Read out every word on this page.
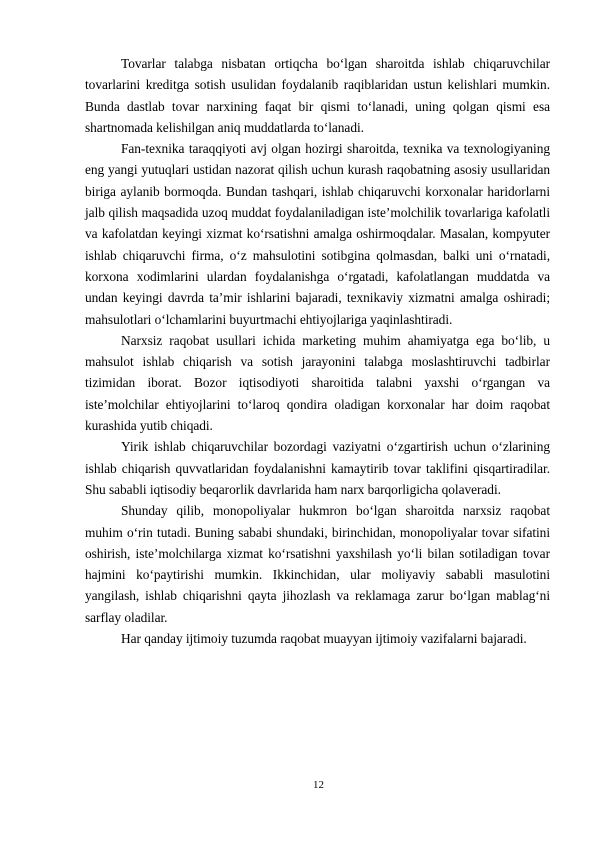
Tovarlar talabga nisbatan ortiqcha bo‘lgan sharoitda ishlab chiqaruvchilar tovarlarini kreditga sotish usulidan foydalanib raqiblaridan ustun kelishlari mumkin. Bunda dastlab tovar narxining faqat bir qismi to‘lanadi, uning qolgan qismi esa shartnomada kelishilgan aniq muddatlarda to‘lanadi.

Fan-texnika taraqqiyoti avj olgan hozirgi sharoitda, texnika va texnologiyaning eng yangi yutuqlari ustidan nazorat qilish uchun kurash raqobatning asosiy usullaridan biriga aylanib bormoqda. Bundan tashqari, ishlab chiqaruvchi korxonalar haridorlarni jalb qilish maqsadida uzoq muddat foydalaniladigan iste’molchilik tovarlariga kafolatli va kafolatdan keyingi xizmat ko‘rsatishni amalga oshirmoqdalar. Masalan, kompyuter ishlab chiqaruvchi firma, o‘z mahsulotini sotibgina qolmasdan, balki uni o‘rnatadi, korxona xodimlarini ulardan foydalanishga o‘rgatadi, kafolatlangan muddatda va undan keyingi davrda ta’mir ishlarini bajaradi, texnikaviy xizmatni amalga oshiradi; mahsulotlari o‘lchamlarini buyurtmachi ehtiyojlariga yaqinlashtiradi.

Narxsiz raqobat usullari ichida marketing muhim ahamiyatga ega bo‘lib, u mahsulot ishlab chiqarish va sotish jarayonini talabga moslashtiruvchi tadbirlar tizimidan iborat. Bozor iqtisodiyoti sharoitida talabni yaxshi o‘rgangan va iste’molchilar ehtiyojlarini to‘laroq qondira oladigan korxonalar har doim raqobat kurashida yutib chiqadi.

Yirik ishlab chiqaruvchilar bozordagi vaziyatni o‘zgartirish uchun o‘zlarining ishlab chiqarish quvvatlaridan foydalanishni kamaytirib tovar taklifini qisqartiradilar. Shu sababli iqtisodiy beqarorlik davrlarida ham narx barqorligicha qolaveradi.

Shunday qilib, monopoliyalar hukmron bo‘lgan sharoitda narxsiz raqobat muhim o‘rin tutadi. Buning sababi shundaki, birinchidan, monopoliyalar tovar sifatini oshirish, iste’molchilarga xizmat ko‘rsatishni yaxshilash yo‘li bilan sotiladigan tovar hajmini ko‘paytirishi mumkin. Ikkinchidan, ular moliyaviy sababli masulotini yangilash, ishlab chiqarishni qayta jihozlash va reklamaga zarur bo‘lgan mablag‘ni sarflay oladilar.

Har qanday ijtimoiy tuzumda raqobat muayyan ijtimoiy vazifalarni bajaradi.

12
